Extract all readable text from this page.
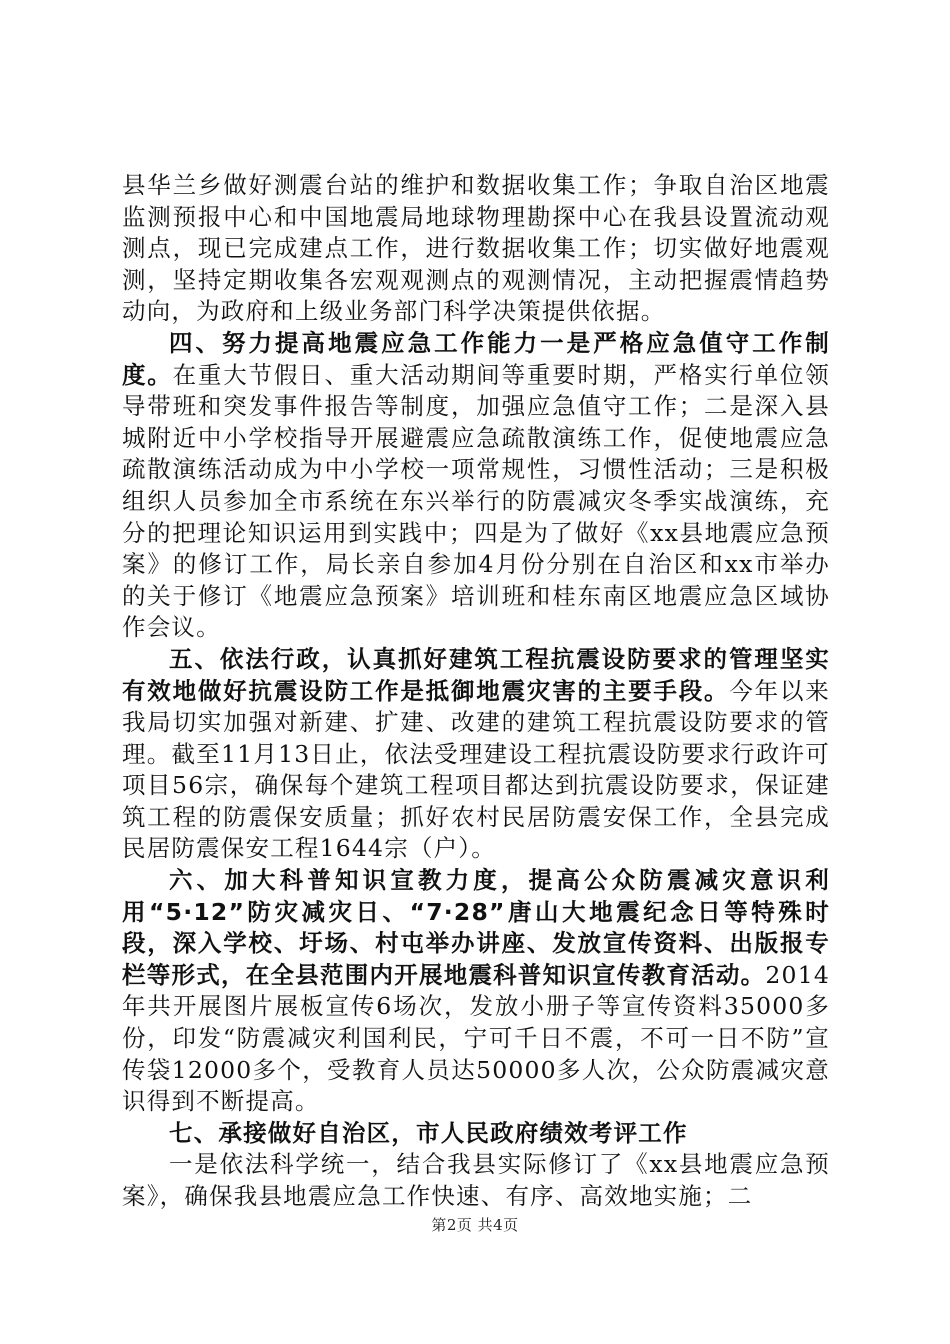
县华兰乡做好测震台站的维护和数据收集工作；争取自治区地震监测预报中心和中国地震局地球物理勘探中心在我县设置流动观测点，现已完成建点工作，进行数据收集工作；切实做好地震观测，坚持定期收集各宏观观测点的观测情况，主动把握震情趋势动向，为政府和上级业务部门科学决策提供依据。

四、努力提高地震应急工作能力一是严格应急值守工作制度。在重大节假日、重大活动期间等重要时期，严格实行单位领导带班和突发事件报告等制度，加强应急值守工作；二是深入县城附近中小学校指导开展避震应急疏散演练工作，促使地震应急疏散演练活动成为中小学校一项常规性，习惯性活动；三是积极组织人员参加全市系统在东兴举行的防震减灾冬季实战演练，充分的把理论知识运用到实践中；四是为了做好《xx县地震应急预案》的修订工作，局长亲自参加4月份分别在自治区和xx市举办的关于修订《地震应急预案》培训班和桂东南区地震应急区域协作会议。

五、依法行政，认真抓好建筑工程抗震设防要求的管理坚实有效地做好抗震设防工作是抵御地震灾害的主要手段。今年以来我局切实加强对新建、扩建、改建的建筑工程抗震设防要求的管理。截至11月13日止，依法受理建设工程抗震设防要求行政许可项目56宗，确保每个建筑工程项目都达到抗震设防要求，保证建筑工程的防震保安质量；抓好农村民居防震安保工作，全县完成民居防震保安工程1644宗（户）。

六、加大科普知识宣教力度，提高公众防震减灾意识利用“5·12”防灾减灾日、“7·28”唐山大地震纪念日等特殊时段，深入学校、圩场、村屯举办讲座、发放宣传资料、出版报专栏等形式，在全县范围内开展地震科普知识宣传教育活动。2014年共开展图片展板宣传6场次，发放小册子等宣传资料35000多份，印发“防震减灾利国利民，宁可千日不震，不可一日不防”宣传袋12000多个，受教育人员达50000多人次，公众防震减灾意识得到不断提高。

七、承接做好自治区，市人民政府绩效考评工作

一是依法科学统一，结合我县实际修订了《xx县地震应急预案》，确保我县地震应急工作快速、有序、高效地实施；二

第2页 共4页
